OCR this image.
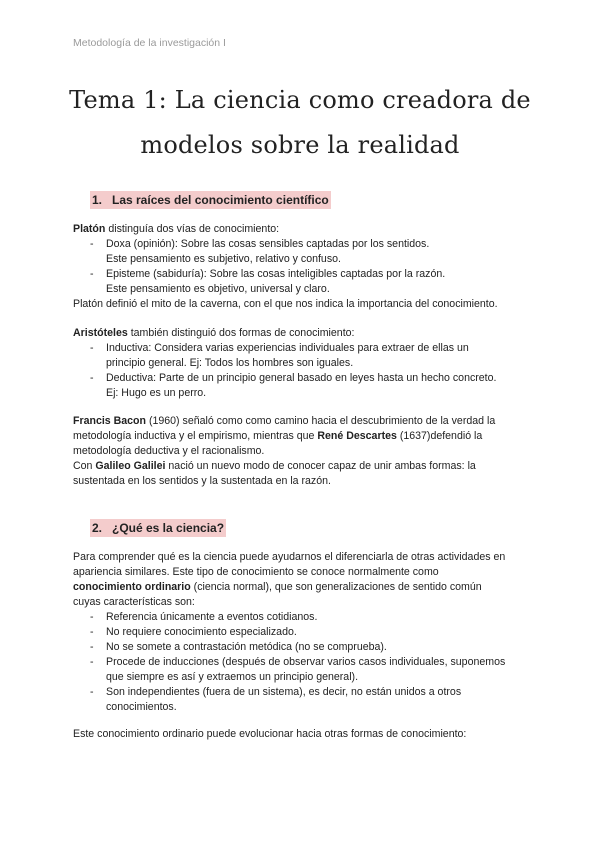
Metodología de la investigación I
Tema 1: La ciencia como creadora de
modelos sobre la realidad
1. Las raíces del conocimiento científico

Platón distinguía dos vías de conocimiento:

- Doxa (opinión): Sobre las cosas sensibles captadas por los sentidos.
Este pensamiento es subjetivo, relativo y confuso.
- Episteme (sabiduría): Sobre las cosas inteligibles captadas por la razón.
Este pensamiento es objetivo, universal y claro.

Platón definió el mito de la caverna, con el que nos indica la importancia del conocimiento.

Aristóteles también distinguió dos formas de conocimiento:

- Inductiva: Considera varias experiencias individuales para extraer de ellas un
principio general. Ej: Todos los hombres son iguales.
- Deductiva: Parte de un principio general basado en leyes hasta un hecho concreto.
Ej: Hugo es un perro.

Francis Bacon (1960) señaló como como camino hacia el descubrimiento de la verdad la
metodología inductiva y el empirismo, mientras que René Descartes (1637)defendió la
metodología deductiva y el racionalismo.

Con Galileo Galilei nació un nuevo modo de conocer capaz de unir ambas formas: la
sustentada en los sentidos y la sustentada en la razón.

2. ¿Qué es la ciencia?

Para comprender qué es la ciencia puede ayudarnos el diferenciarla de otras actividades en
apariencia similares. Este tipo de conocimiento se conoce normalmente como
conocimiento ordinario (ciencia normal), que son generalizaciones de sentido común
cuyas características son:

- Referencia únicamente a eventos cotidianos.
- No requiere conocimiento especializado.
- No se somete a contrastación metódica (no se comprueba).
- Procede de inducciones (después de observar varios casos individuales, suponemos
que siempre es así y extraemos un principio general).
- Son independientes (fuera de un sistema), es decir, no están unidos a otros
conocimientos.

Este conocimiento ordinario puede evolucionar hacia otras formas de conocimiento:
